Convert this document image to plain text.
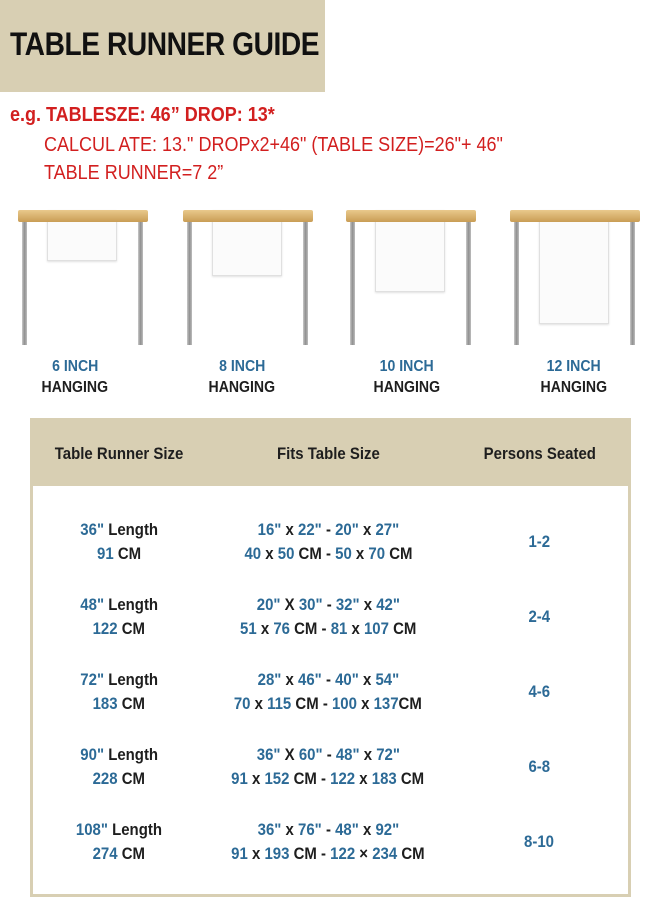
TABLE RUNNER GUIDE
e.g. TABLESZE: 46” DROP: 13*
CALCUL ATE: 13." DROPx2+46" (TABLE SIZE)=26"+ 46"
TABLE RUNNER=7 2”
6 INCH
HANGING
8 INCH
HANGING
10 INCH
HANGING
12 INCH
HANGING
Table Runner Size	Fits Table Size	Persons Seated
36" Length
91 CM
16" x 22" - 20" x 27"
40 x 50 CM - 50 x 70 CM
1-2
48" Length
122 CM
20" X 30" - 32" x 42"
51 x 76 CM - 81 x 107 CM
2-4
72" Length
183 CM
28" x 46" - 40" x 54"
70 x 115 CM - 100 x 137CM
4-6
90" Length
228 CM
36" X 60" - 48" x 72"
91 x 152 CM - 122 x 183 CM
6-8
108" Length
274 CM
36" x 76" - 48" x 92"
91 x 193 CM - 122 × 234 CM
8-10
